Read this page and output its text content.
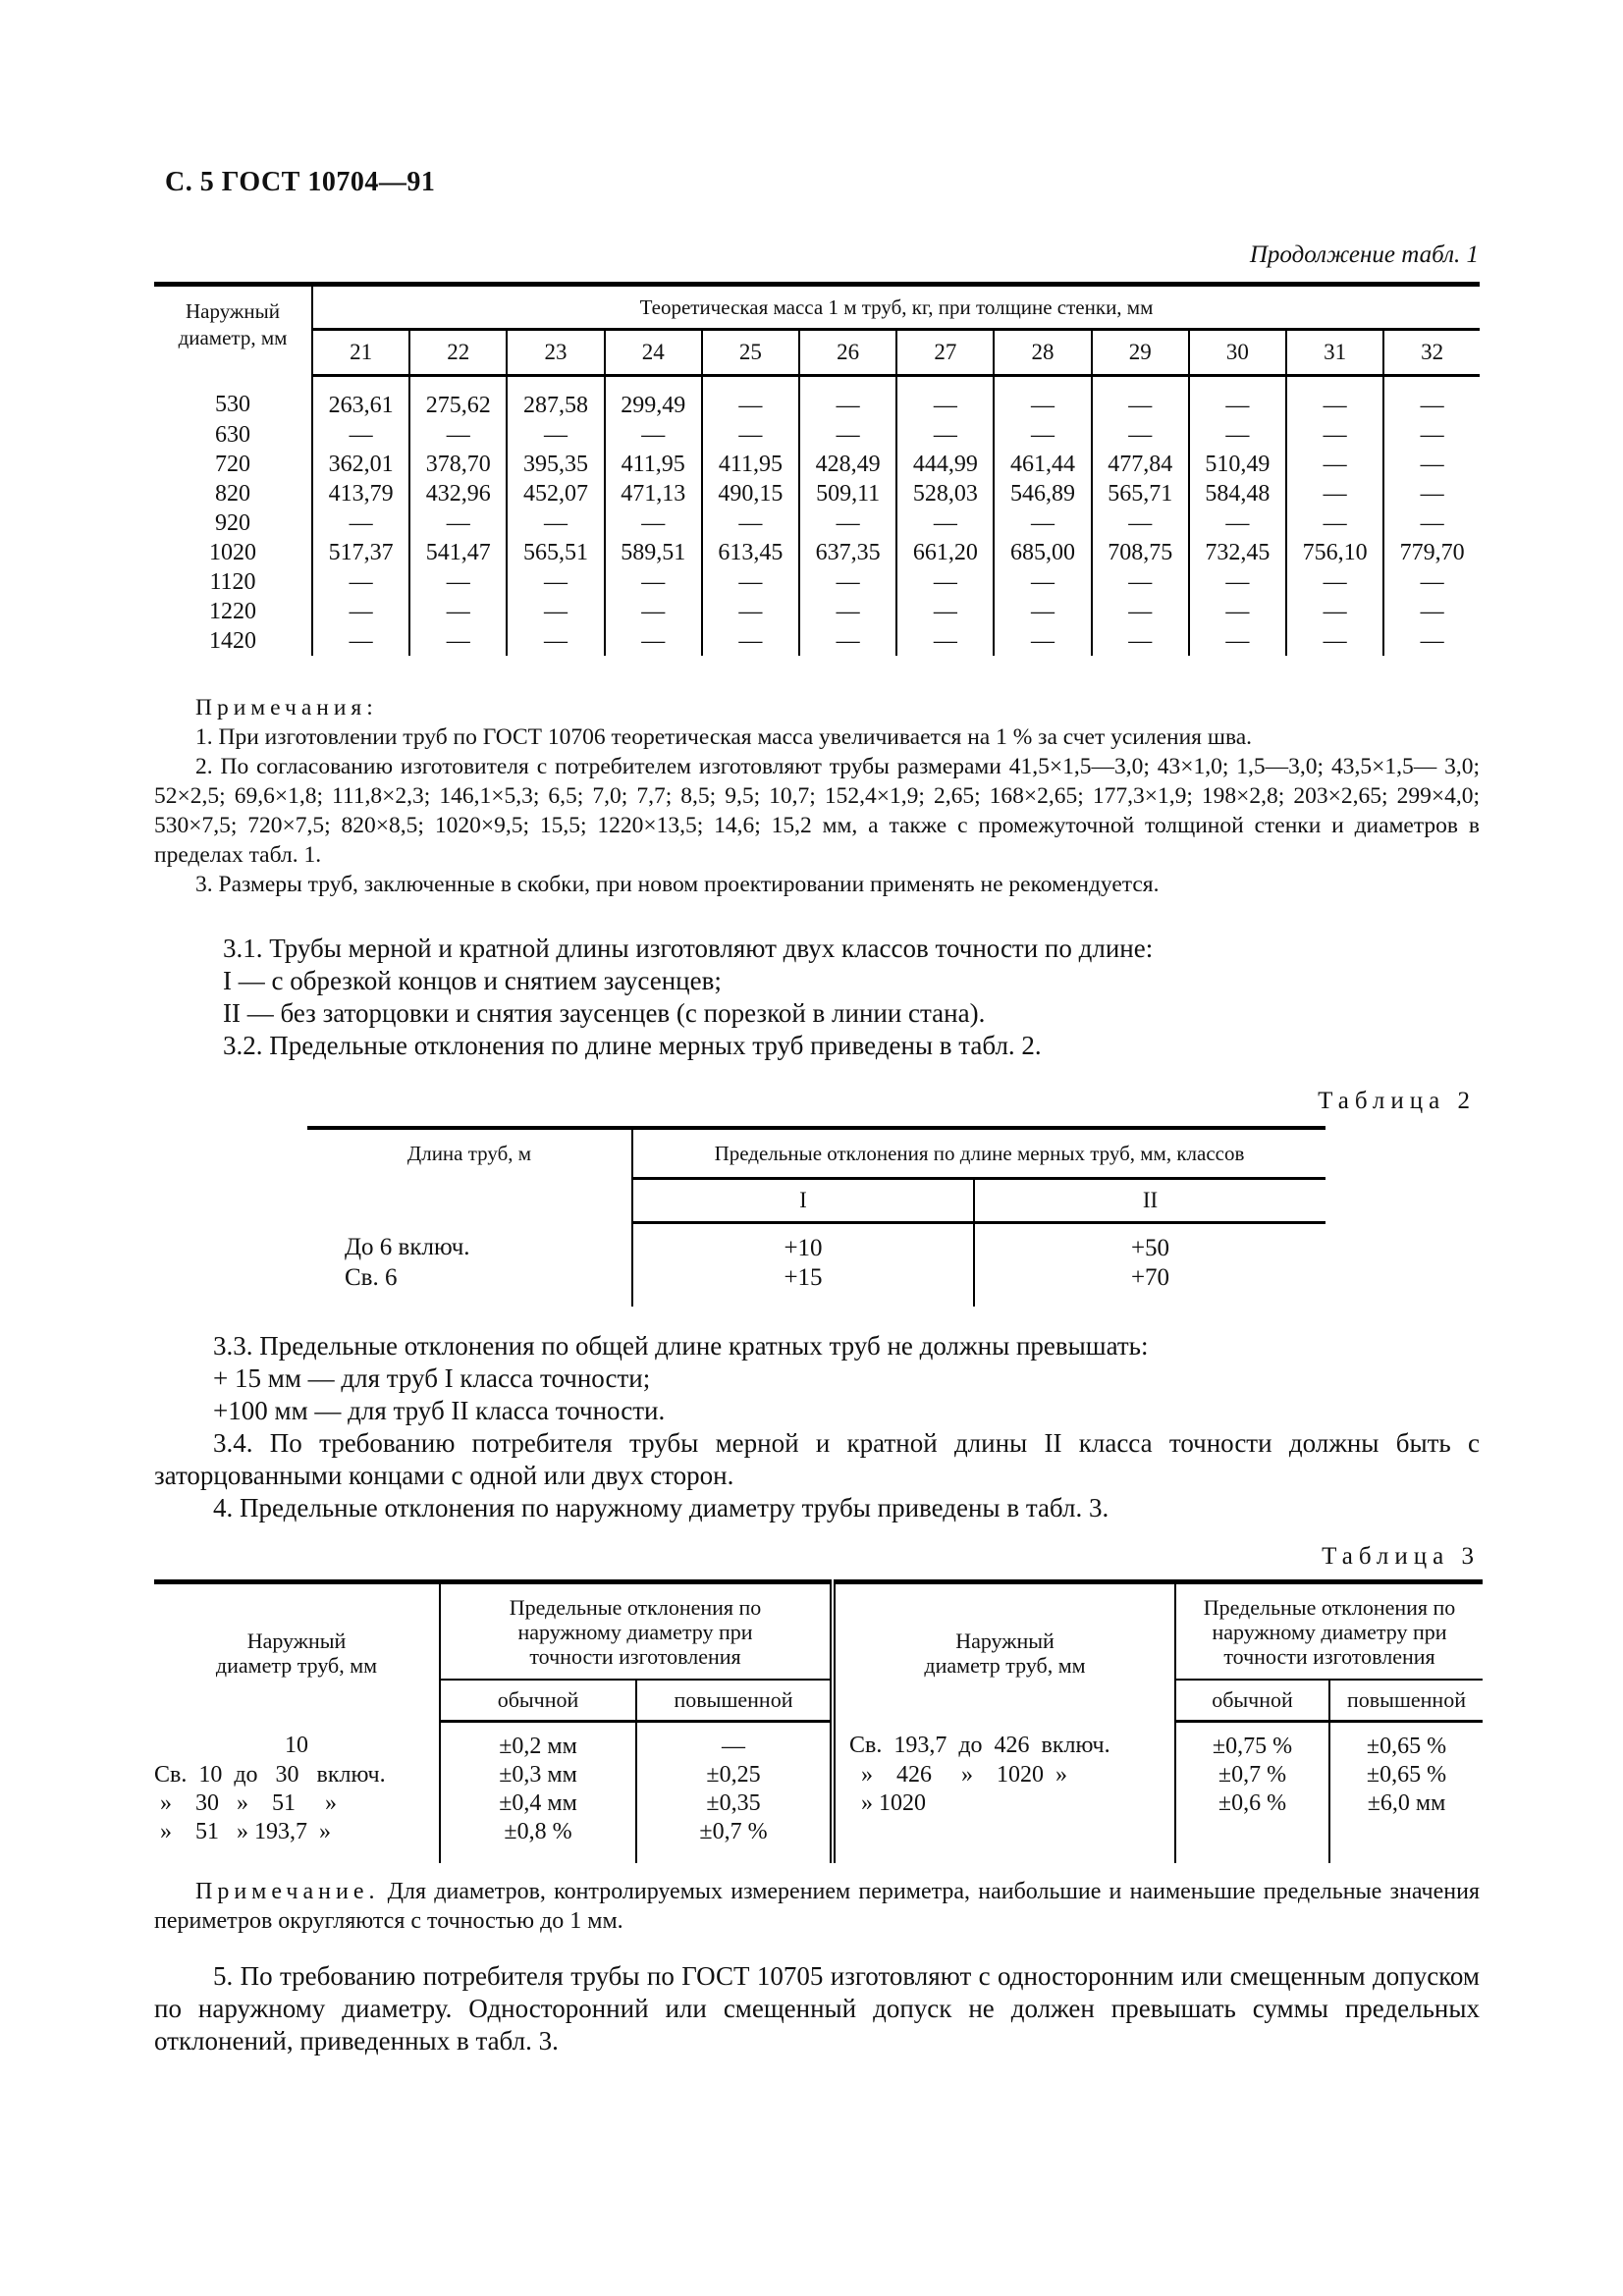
С. 5 ГОСТ 10704—91
Продолжение табл. 1
Наружный
диаметр, мм	Теоретическая масса 1 м труб, кг, при толщине стенки, мм											
	21	22	23	24	25	26	27	28	29	30	31	32
530	263,61	275,62	287,58	299,49	—	—	—	—	—	—	—	—
630	—	—	—	—	—	—	—	—	—	—	—	—
720	362,01	378,70	395,35	411,95	411,95	428,49	444,99	461,44	477,84	510,49	—	—
820	413,79	432,96	452,07	471,13	490,15	509,11	528,03	546,89	565,71	584,48	—	—
920	—	—	—	—	—	—	—	—	—	—	—	—
1020	517,37	541,47	565,51	589,51	613,45	637,35	661,20	685,00	708,75	732,45	756,10	779,70
1120	—	—	—	—	—	—	—	—	—	—	—	—
1220	—	—	—	—	—	—	—	—	—	—	—	—
1420	—	—	—	—	—	—	—	—	—	—	—	—

Примечания:

1. При изготовлении труб по ГОСТ 10706 теоретическая масса увеличивается на 1 % за счет усиления шва.

2. По согласованию изготовителя с потребителем изготовляют трубы размерами 41,5×1,5—3,0; 43×1,0; 1,5—3,0; 43,5×1,5— 3,0; 52×2,5; 69,6×1,8; 111,8×2,3; 146,1×5,3; 6,5; 7,0; 7,7; 8,5; 9,5; 10,7; 152,4×1,9; 2,65; 168×2,65; 177,3×1,9; 198×2,8; 203×2,65; 299×4,0; 530×7,5; 720×7,5; 820×8,5; 1020×9,5; 15,5; 1220×13,5; 14,6; 15,2 мм, а также с промежуточной толщиной стенки и диаметров в пределах табл. 1.

3. Размеры труб, заключенные в скобки, при новом проектировании применять не рекомендуется.

3.1. Трубы мерной и кратной длины изготовляют двух классов точности по длине:

I — с обрезкой концов и снятием заусенцев;

II — без заторцовки и снятия заусенцев (с порезкой в линии стана).

3.2. Предельные отклонения по длине мерных труб приведены в табл. 2.

Таблица 2
Длина труб, м	Предельные отклонения по длине мерных труб, мм, классов	
	I	II
До 6 включ.	+10	+50
Св. 6	+15	+70

3.3. Предельные отклонения по общей длине кратных труб не должны превышать:

+ 15 мм — для труб I класса точности;

+100 мм — для труб II класса точности.

3.4. По требованию потребителя трубы мерной и кратной длины II класса точности должны быть с заторцованными концами с одной или двух сторон.

4. Предельные отклонения по наружному диаметру трубы приведены в табл. 3.

Таблица 3
Наружный
диаметр труб, мм	Предельные отклонения по
наружному диаметру при
точности изготовления		Наружный
диаметр труб, мм	Предельные отклонения по
наружному диаметру при
точности изготовления	
	обычной	повышенной		обычной	повышенной
10	±0,2 мм	—	Св.  193,7  до  426  включ.	±0,75 %	±0,65 %
Св.  10  до   30   включ.	±0,3 мм	±0,25	»    426     »    1020  »	±0,7 %	±0,65 %
»    30   »    51     »	±0,4 мм	±0,35	» 1020	±0,6 %	±6,0 мм
»    51   » 193,7  »	±0,8 %	±0,7 %			

Примечание. Для диаметров, контролируемых измерением периметра, наибольшие и наименьшие предельные значения периметров округляются с точностью до 1 мм.

5. По требованию потребителя трубы по ГОСТ 10705 изготовляют с односторонним или смещенным допуском по наружному диаметру. Односторонний или смещенный допуск не должен превышать суммы предельных отклонений, приведенных в табл. 3.
